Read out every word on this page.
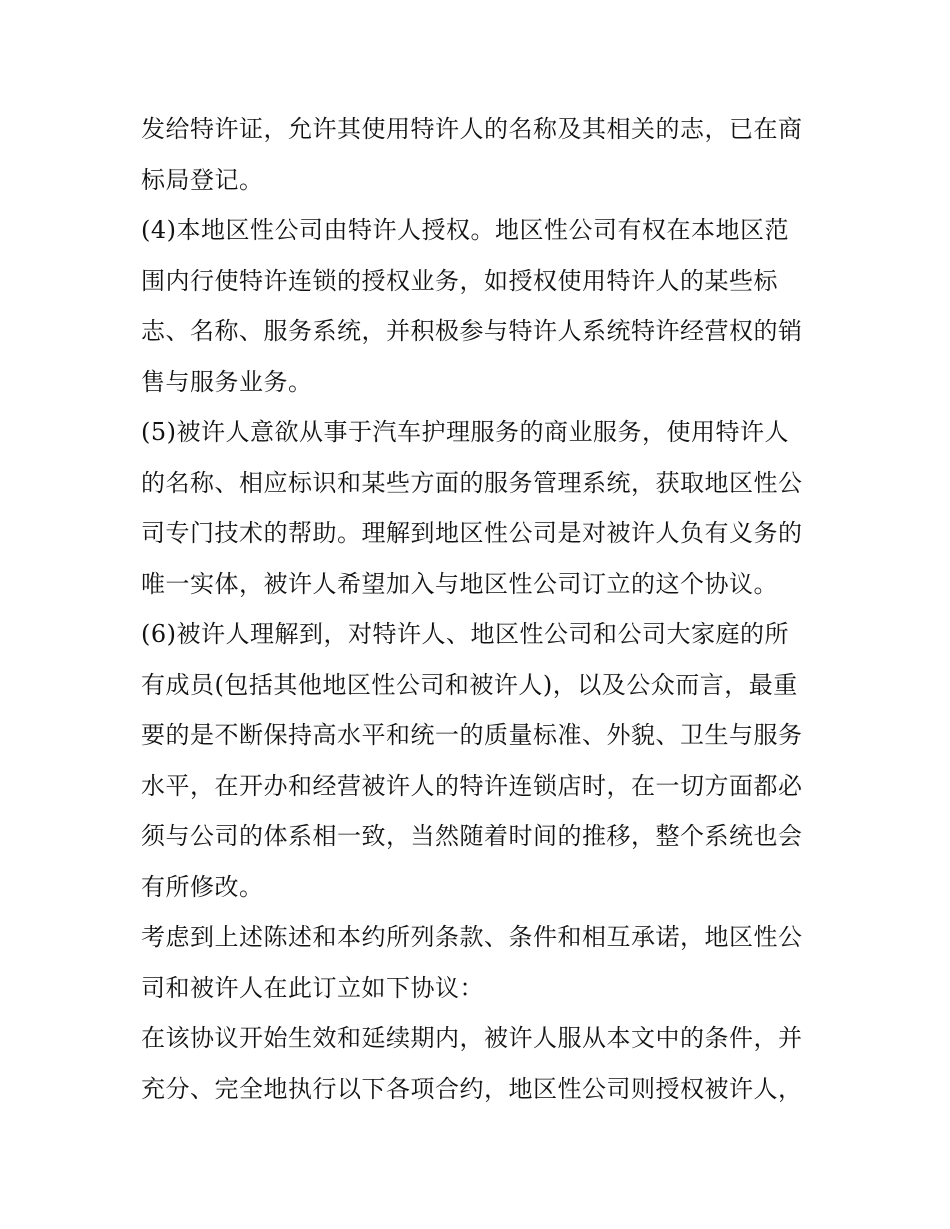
发给特许证，允许其使用特许人的名称及其相关的志，已在商
标局登记。
(4)本地区性公司由特许人授权。地区性公司有权在本地区范
围内行使特许连锁的授权业务，如授权使用特许人的某些标
志、名称、服务系统，并积极参与特许人系统特许经营权的销
售与服务业务。
(5)被许人意欲从事于汽车护理服务的商业服务，使用特许人
的名称、相应标识和某些方面的服务管理系统，获取地区性公
司专门技术的帮助。理解到地区性公司是对被许人负有义务的
唯一实体，被许人希望加入与地区性公司订立的这个协议。
(6)被许人理解到，对特许人、地区性公司和公司大家庭的所
有成员(包括其他地区性公司和被许人)，以及公众而言，最重
要的是不断保持高水平和统一的质量标准、外貌、卫生与服务
水平，在开办和经营被许人的特许连锁店时，在一切方面都必
须与公司的体系相一致，当然随着时间的推移，整个系统也会
有所修改。
考虑到上述陈述和本约所列条款、条件和相互承诺，地区性公
司和被许人在此订立如下协议：
在该协议开始生效和延续期内，被许人服从本文中的条件，并
充分、完全地执行以下各项合约，地区性公司则授权被许人，
